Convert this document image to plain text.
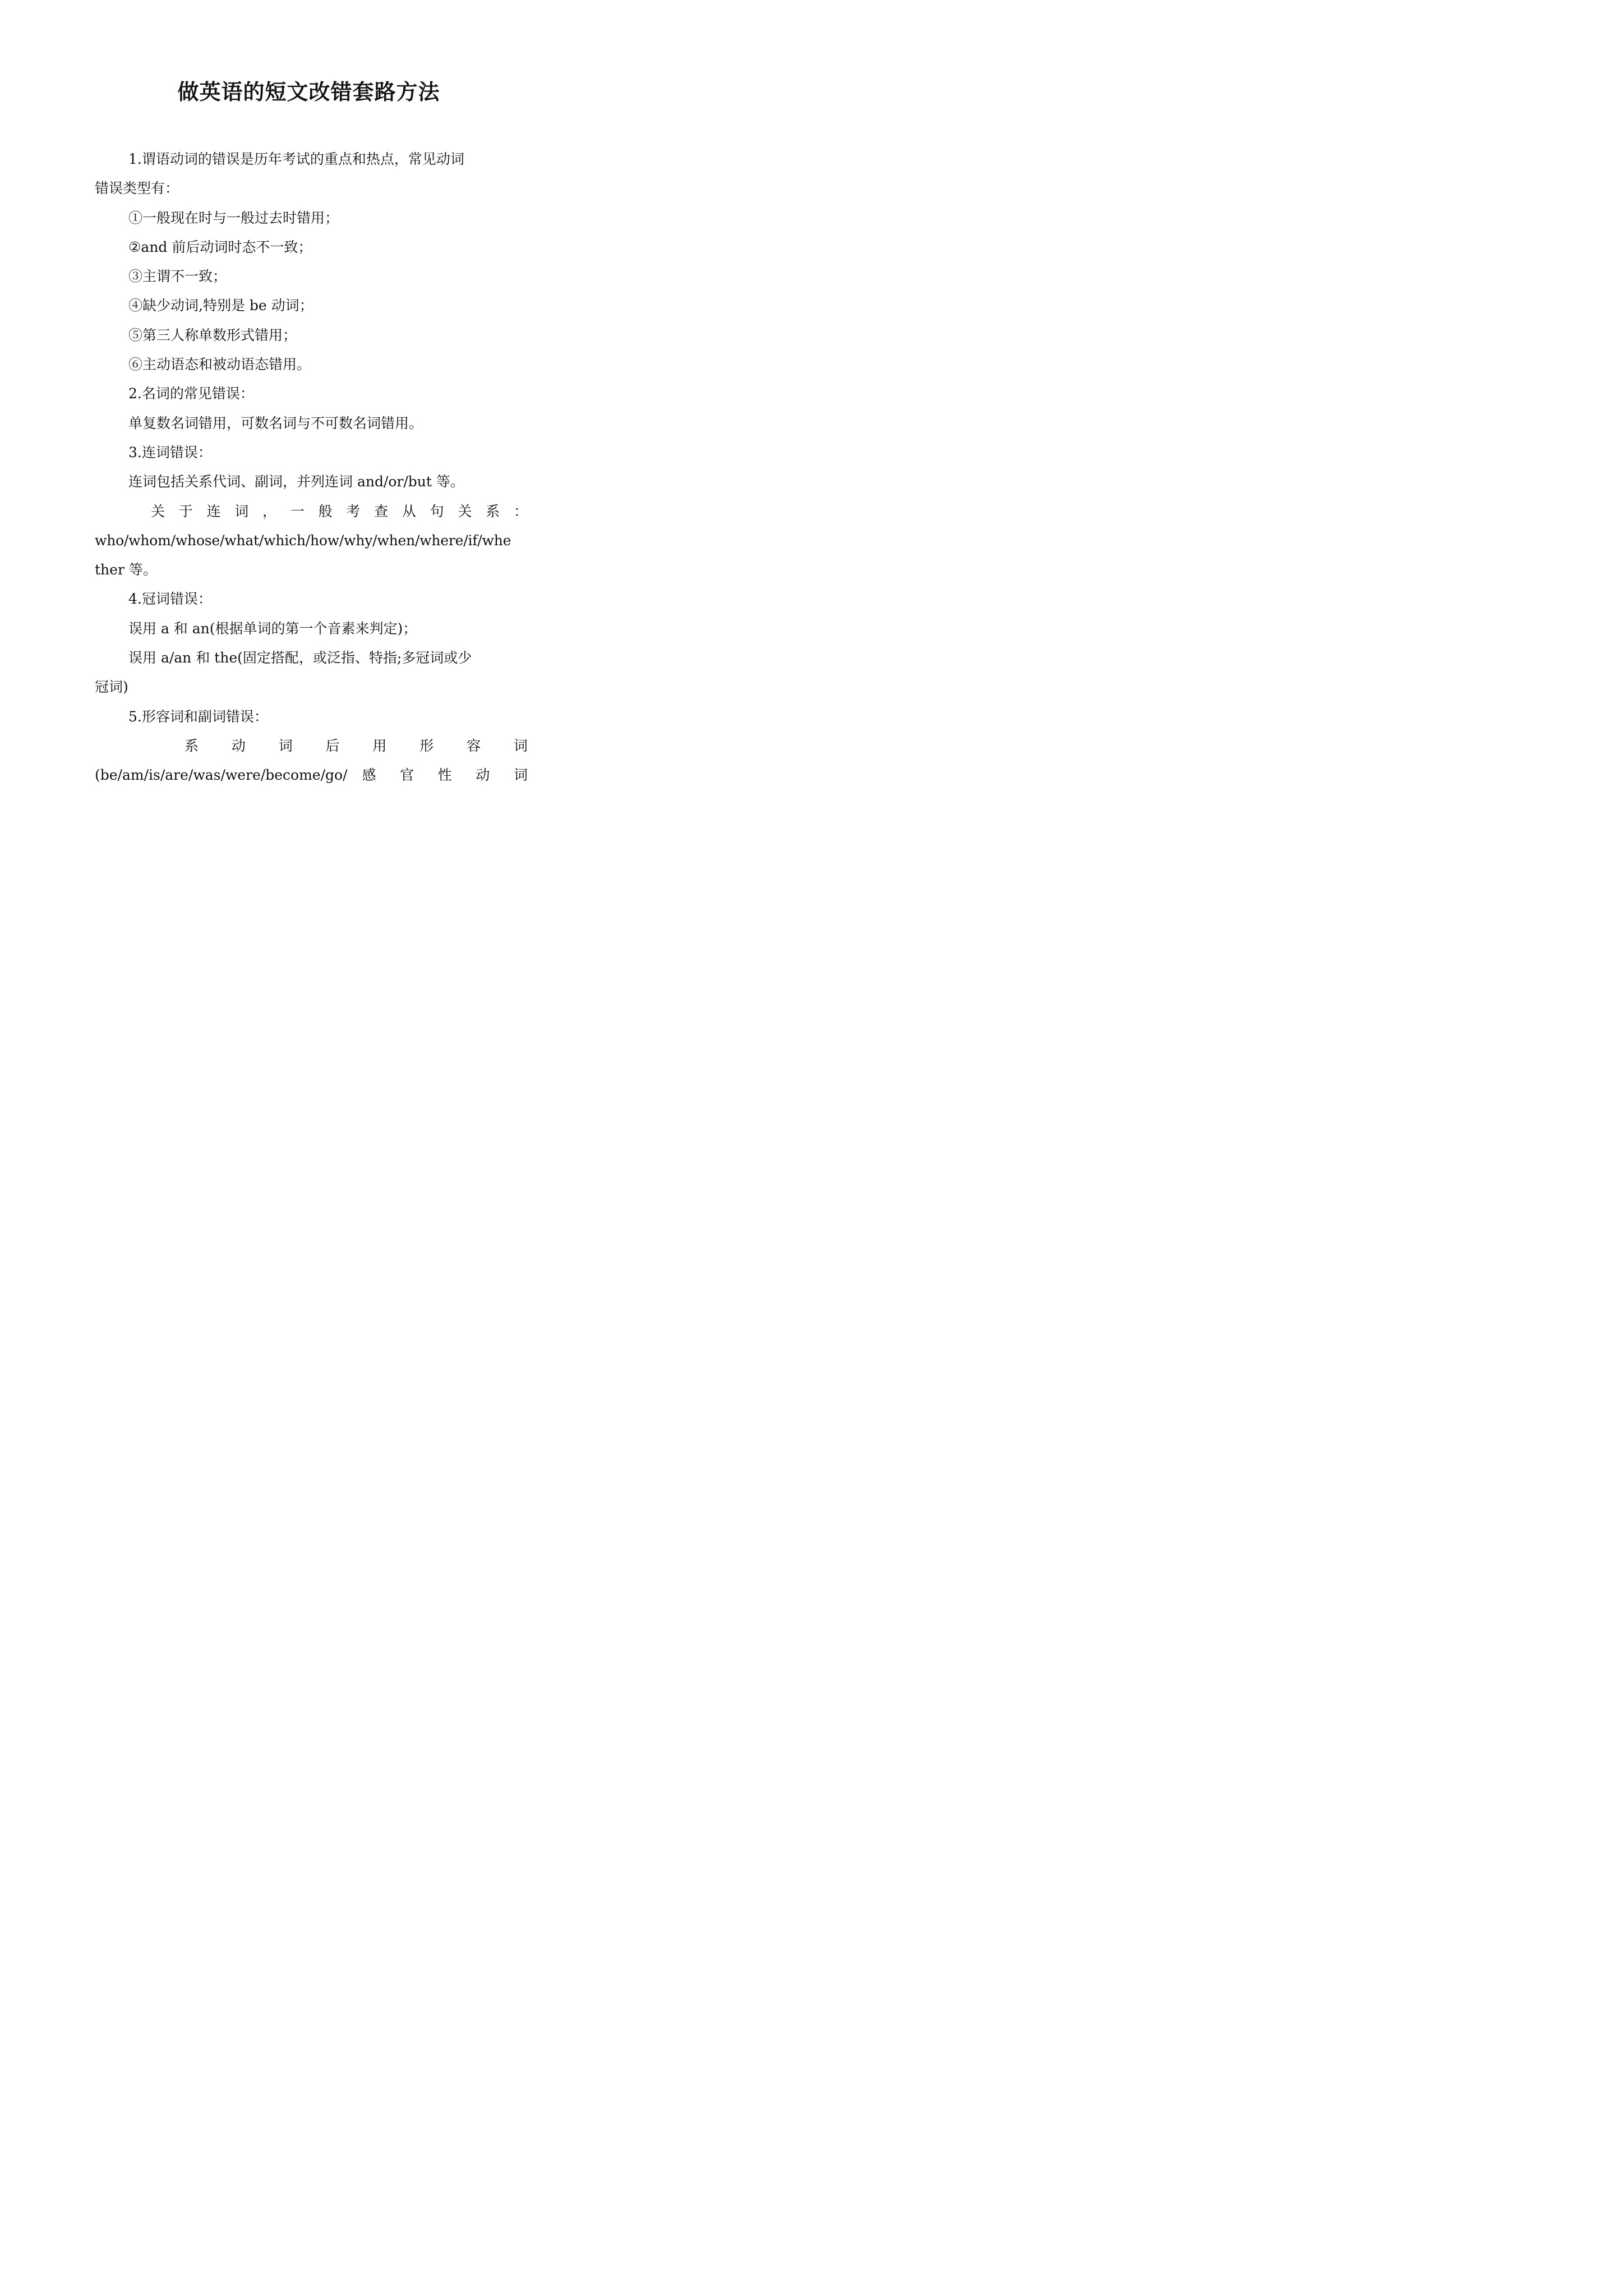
做英语的短文改错套路方法

1.谓语动词的错误是历年考试的重点和热点，常见动词

错误类型有：

①一般现在时与一般过去时错用；

②and 前后动词时态不一致；

③主谓不一致；

④缺少动词,特别是 be 动词；

⑤第三人称单数形式错用；

⑥主动语态和被动语态错用。

2.名词的常见错误：

单复数名词错用，可数名词与不可数名词错用。

3.连词错误：

连词包括关系代词、副词，并列连词 and/or/but 等。

关 于 连 词 ， 一 般 考 查 从 句 关 系 ：

who/whom/whose/what/which/how/why/when/where/if/whe

ther 等。

4.冠词错误：

误用 a 和 an(根据单词的第一个音素来判定)；

误用 a/an 和 the(固定搭配，或泛指、特指;多冠词或少

冠词)

5.形容词和副词错误：

系 动 词 后 用 形 容 词
(be/am/is/are/was/were/become/go/ 感 官 性 动 词
